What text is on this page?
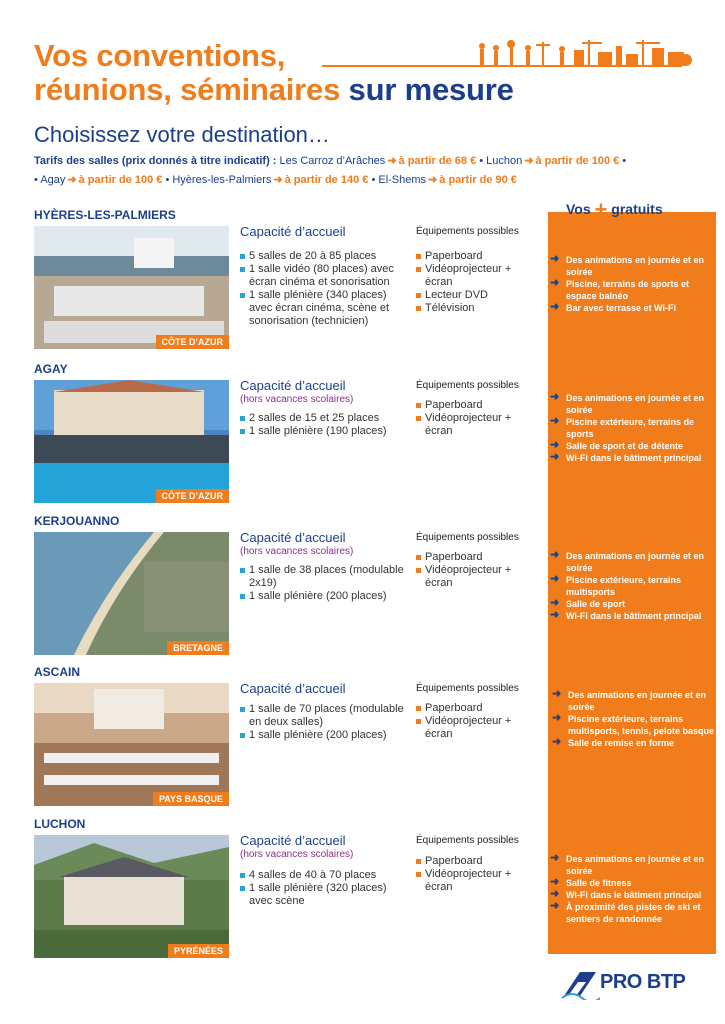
Vos conventions,
réunions, séminaires sur mesure
Choisissez votre destination…
Tarifs des salles (prix donnés à titre indicatif) : Les Carroz d’Arâches ➜ à partir de 68 € • Luchon ➜ à partir de 100 € •
• Agay ➜ à partir de 100 € • Hyères-les-Palmiers ➜ à partir de 140 € • El-Shems ➜ à partir de 90 €
Vos + gratuits
HYÈRES-LES-PALMIERS
CÔTE D’AZUR
Capacité d’accueil
5 salles de 20 à 85 places
1 salle vidéo (80 places) avec écran cinéma et sonorisation
1 salle plénière (340 places) avec écran cinéma, scène et sonorisation (technicien)
Équipements possibles
Paperboard
Vidéoprojecteur + écran
Lecteur DVD
Télévision
➜ Des animations en journée et en soirée
➜ Piscine, terrains de sports et espace balnéo
➜ Bar avec terrasse et Wi-Fi
AGAY
CÔTE D’AZUR
Capacité d’accueil
(hors vacances scolaires)
2 salles de 15 et 25 places
1 salle plénière (190 places)
Équipements possibles
Paperboard
Vidéoprojecteur + écran
➜ Des animations en journée et en soirée
➜ Piscine extérieure, terrains de sports
➜ Salle de sport et de détente
➜ Wi-Fi dans le bâtiment principal
KERJOUANNO
BRETAGNE
Capacité d’accueil
(hors vacances scolaires)
1 salle de 38 places (modulable 2x19)
1 salle plénière (200 places)
Équipements possibles
Paperboard
Vidéoprojecteur + écran
➜ Des animations en journée et en soirée
➜ Piscine extérieure, terrains multisports
➜ Salle de sport
➜ Wi-Fi dans le bâtiment principal
ASCAIN
PAYS BASQUE
Capacité d’accueil
1 salle de 70 places (modulable en deux salles)
1 salle plénière (200 places)
Équipements possibles
Paperboard
Vidéoprojecteur + écran
➜ Des animations en journée et en soirée
➜ Piscine extérieure, terrains multisports, tennis, pelote basque
➜ Salle de remise en forme
LUCHON
PYRÉNÉES
Capacité d’accueil
(hors vacances scolaires)
4 salles de 40 à 70 places
1 salle plénière (320 places) avec scène
Équipements possibles
Paperboard
Vidéoprojecteur + écran
➜ Des animations en journée et en soirée
➜ Salle de fitness
➜ Wi-Fi dans le bâtiment principal
➜ À proximité des pistes de ski et sentiers de randonnée
PRO BTP
